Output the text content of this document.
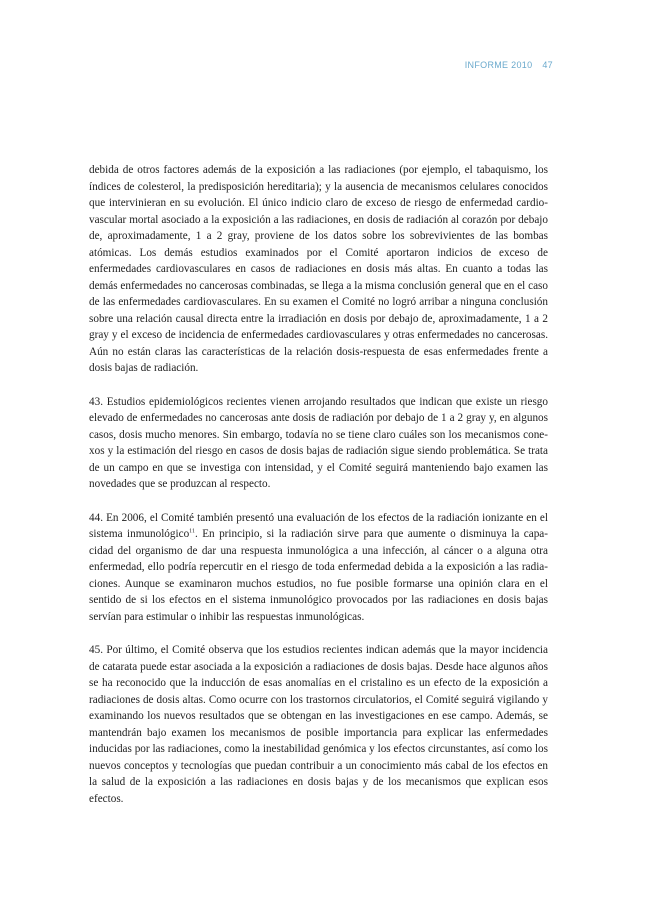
INFORME 2010 47

debida de otros factores además de la exposición a las radiaciones (por ejemplo, el tabaquismo, los índices de colesterol, la predisposición hereditaria); y la ausencia de mecanismos celulares conocidos que intervinieran en su evolución. El único indicio claro de exceso de riesgo de enfermedad cardio-vascular mortal asociado a la exposición a las radiaciones, en dosis de radiación al corazón por debajo de, aproximadamente, 1 a 2 gray, proviene de los datos sobre los sobrevivientes de las bombas atómicas. Los demás estudios examinados por el Comité aportaron indicios de exceso de enfermedades cardiovasculares en casos de radiaciones en dosis más altas. En cuanto a todas las demás enfermedades no cancerosas combinadas, se llega a la misma conclusión general que en el caso de las enfermedades cardiovasculares. En su examen el Comité no logró arribar a ninguna conclusión sobre una relación causal directa entre la irradiación en dosis por debajo de, aproximadamente, 1 a 2 gray y el exceso de incidencia de enfermedades cardiovasculares y otras enfermedades no cancerosas. Aún no están claras las características de la relación dosis-respuesta de esas enfermedades frente a dosis bajas de radiación.

43. Estudios epidemiológicos recientes vienen arrojando resultados que indican que existe un riesgo elevado de enfermedades no cancerosas ante dosis de radiación por debajo de 1 a 2 gray y, en algunos casos, dosis mucho menores. Sin embargo, todavía no se tiene claro cuáles son los mecanismos cone-xos y la estimación del riesgo en casos de dosis bajas de radiación sigue siendo problemática. Se trata de un campo en que se investiga con intensidad, y el Comité seguirá manteniendo bajo examen las novedades que se produzcan al respecto.

44. En 2006, el Comité también presentó una evaluación de los efectos de la radiación ionizante en el sistema inmunológico$^{11}$. En principio, si la radiación sirve para que aumente o disminuya la capa-cidad del organismo de dar una respuesta inmunológica a una infección, al cáncer o a alguna otra enfermedad, ello podría repercutir en el riesgo de toda enfermedad debida a la exposición a las radia-ciones. Aunque se examinaron muchos estudios, no fue posible formarse una opinión clara en el sentido de si los efectos en el sistema inmunológico provocados por las radiaciones en dosis bajas servían para estimular o inhibir las respuestas inmunológicas.

45. Por último, el Comité observa que los estudios recientes indican además que la mayor incidencia de catarata puede estar asociada a la exposición a radiaciones de dosis bajas. Desde hace algunos años se ha reconocido que la inducción de esas anomalías en el cristalino es un efecto de la exposición a radiaciones de dosis altas. Como ocurre con los trastornos circulatorios, el Comité seguirá vigilando y examinando los nuevos resultados que se obtengan en las investigaciones en ese campo. Además, se mantendrán bajo examen los mecanismos de posible importancia para explicar las enfermedades inducidas por las radiaciones, como la inestabilidad genómica y los efectos circunstantes, así como los nuevos conceptos y tecnologías que puedan contribuir a un conocimiento más cabal de los efectos en la salud de la exposición a las radiaciones en dosis bajas y de los mecanismos que explican esos efectos.
